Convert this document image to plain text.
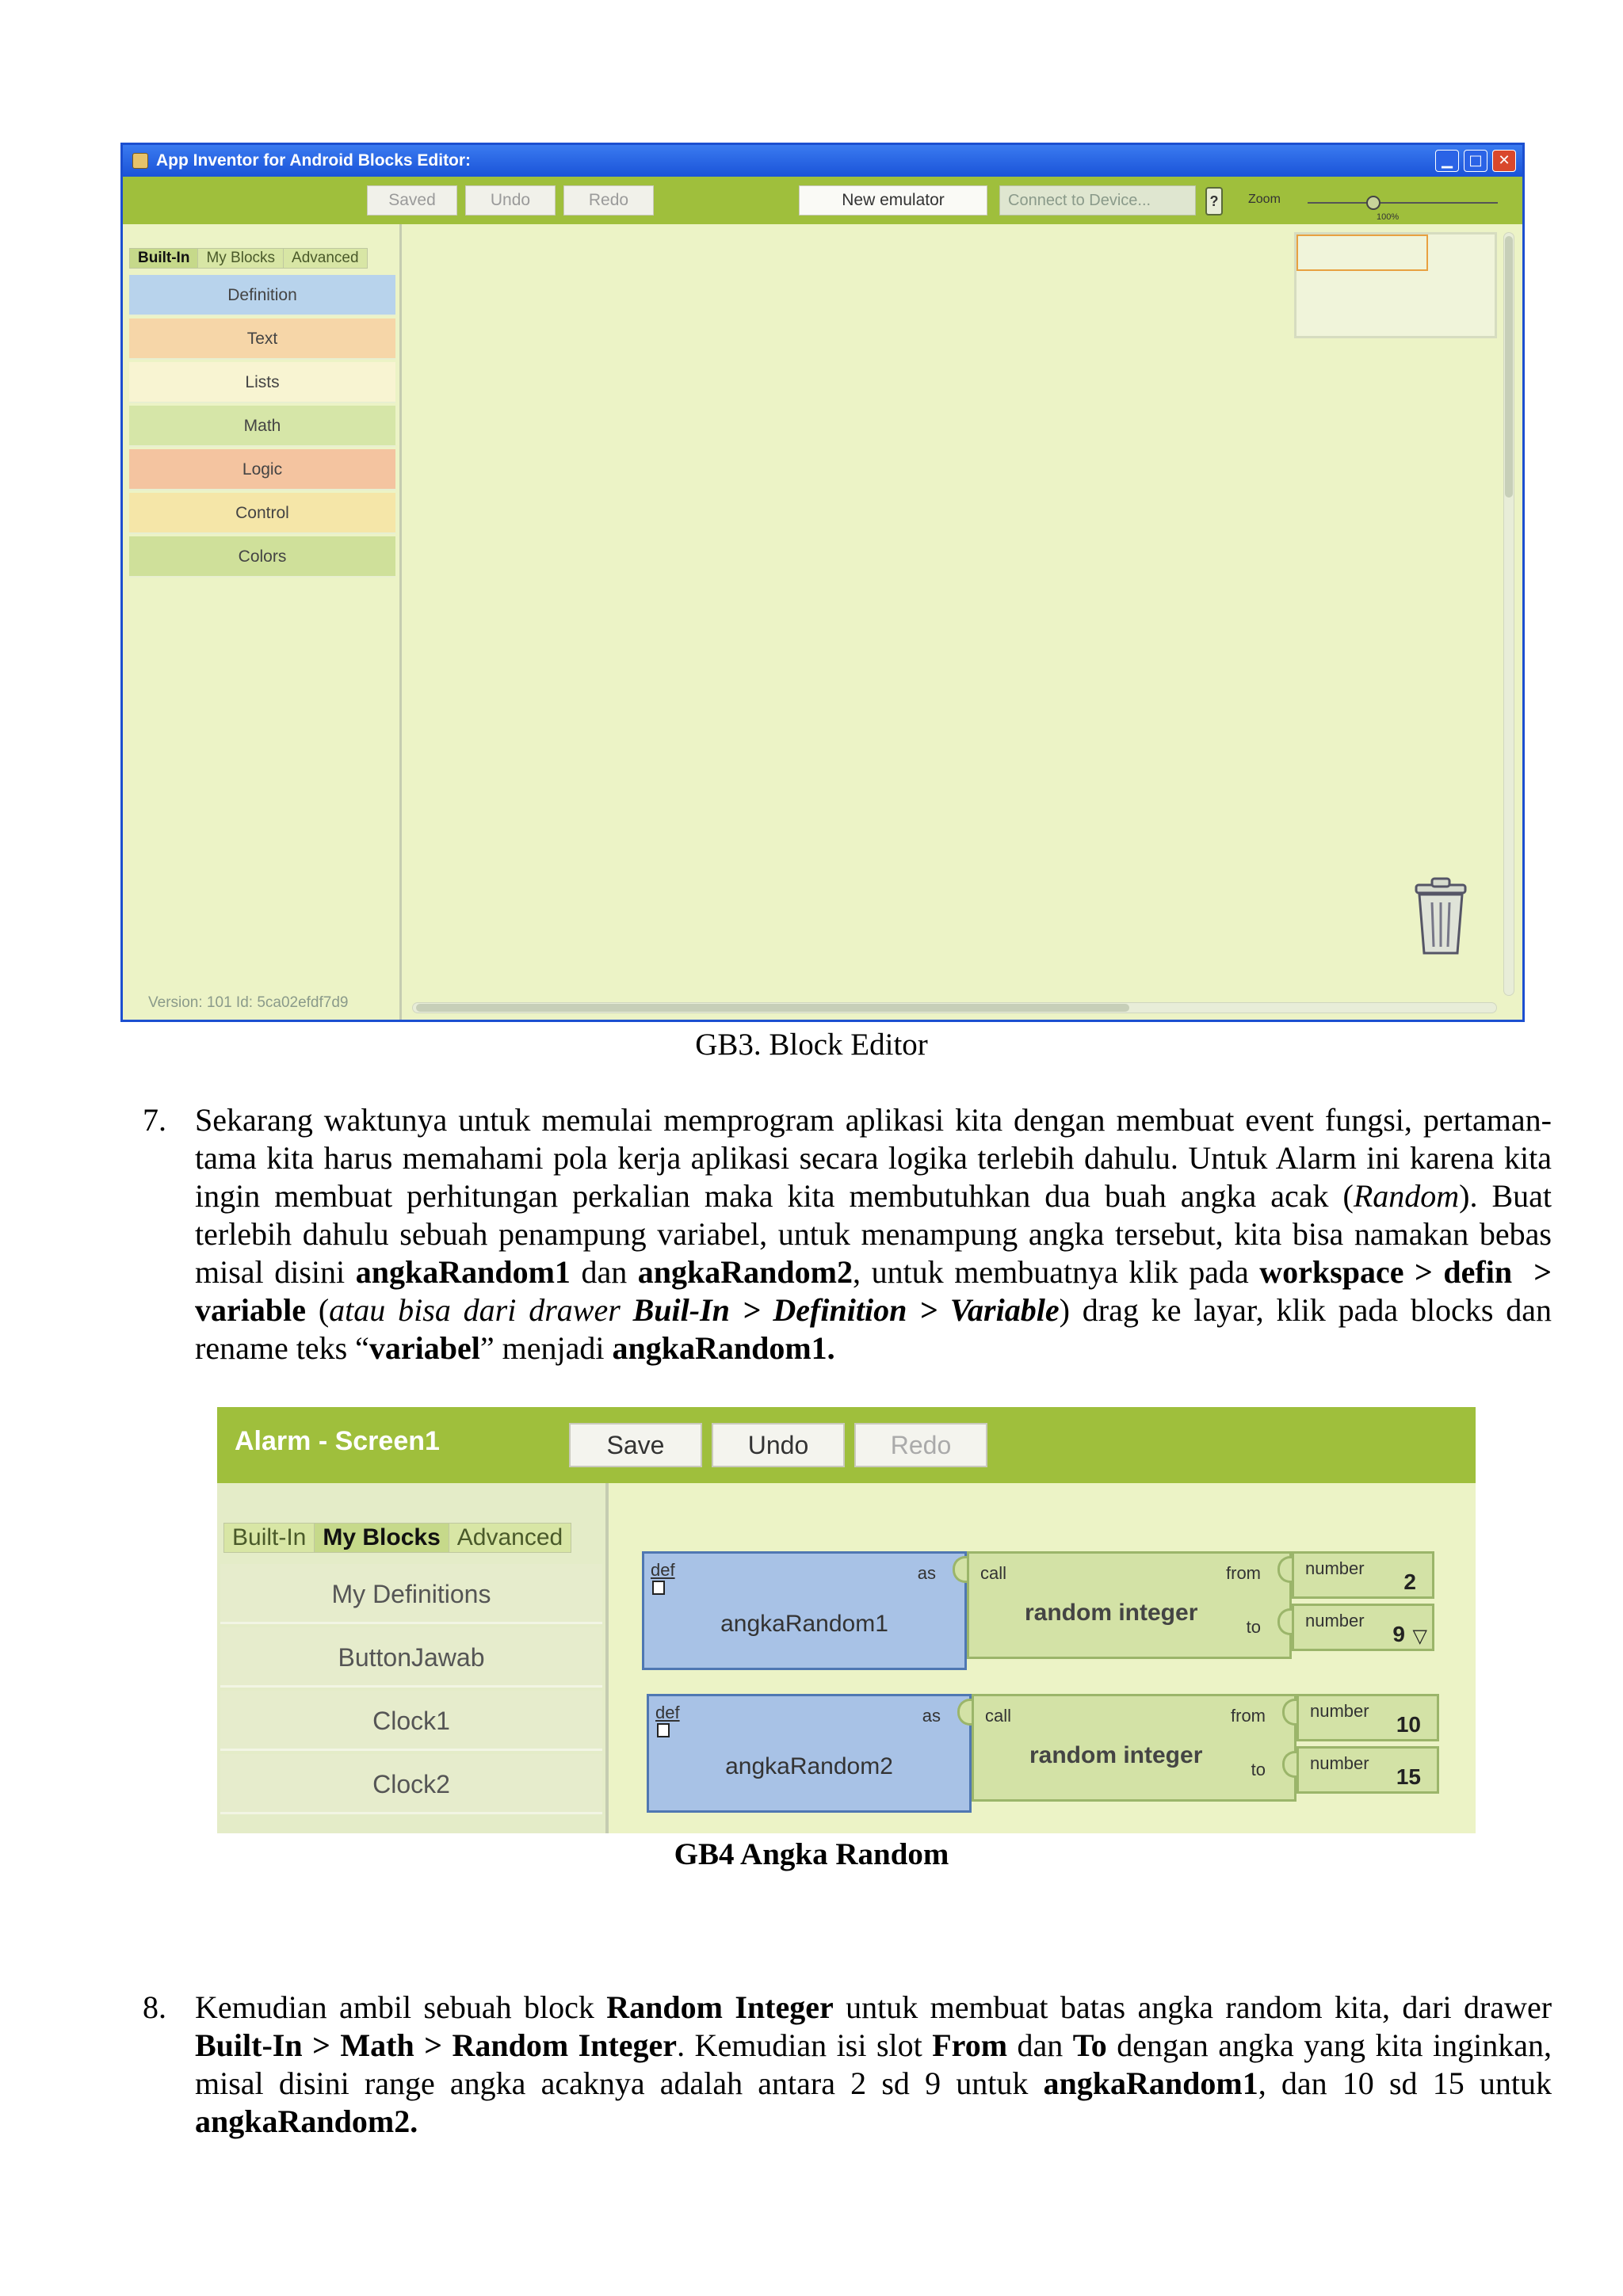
App Inventor for Android Blocks Editor:	▁	□	✕
Saved	Undo	Redo	New emulator	Connect to Device...	?	Zoom
100%
Built-In	My Blocks	Advanced
Definition
Text
Lists
Math
Logic
Control
Colors
Version: 101 Id: 5ca02efdf7d9
GB3. Block Editor
7. Sekarang waktunya untuk memulai memprogram aplikasi kita dengan membuat event fungsi, pertaman-tama kita harus memahami pola kerja aplikasi secara logika terlebih dahulu. Untuk Alarm ini karena kita ingin membuat perhitungan perkalian maka kita membutuhkan dua buah angka acak (Random). Buat terlebih dahulu sebuah penampung variabel, untuk menampung angka tersebut, kita bisa namakan bebas misal disini angkaRandom1 dan angkaRandom2, untuk membuatnya klik pada workspace > defin  > variable (atau bisa dari drawer Buil-In > Definition > Variable) drag ke layar, klik pada blocks dan rename teks “variabel” menjadi angkaRandom1.
Alarm - Screen1	Save	Undo	Redo
Built-In My Blocks Advanced
My Definitions
ButtonJawab
Clock1
Clock2
def	as
angkaRandom1
call
random integer
from
to
number
2
number
9 ▽
def	as
angkaRandom2
call
random integer
from
to
number
10
number
15
GB4 Angka Random
8. Kemudian ambil sebuah block Random Integer untuk membuat batas angka random kita, dari drawer Built-In > Math > Random Integer. Kemudian isi slot From dan To dengan angka yang kita inginkan, misal disini range angka acaknya adalah antara 2 sd 9 untuk angkaRandom1, dan 10 sd 15 untuk angkaRandom2.
